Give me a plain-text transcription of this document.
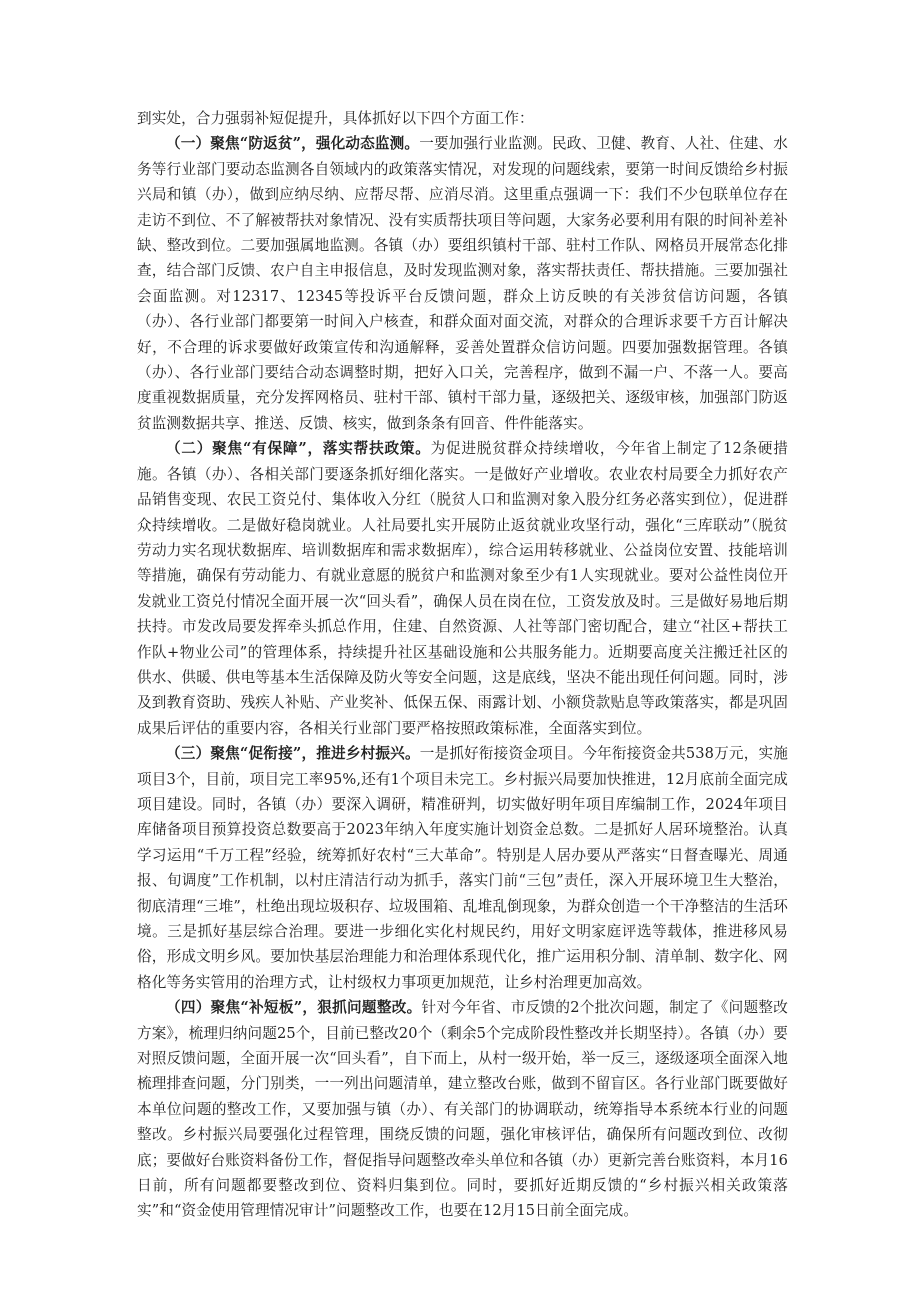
到实处，合力强弱补短促提升，具体抓好以下四个方面工作：

（一）聚焦“防返贫”，强化动态监测。一要加强行业监测。民政、卫健、教育、人社、住建、水务等行业部门要动态监测各自领域内的政策落实情况，对发现的问题线索，要第一时间反馈给乡村振兴局和镇（办），做到应纳尽纳、应帮尽帮、应消尽消。这里重点强调一下：我们不少包联单位存在走访不到位、不了解被帮扶对象情况、没有实质帮扶项目等问题，大家务必要利用有限的时间补差补缺、整改到位。二要加强属地监测。各镇（办）要组织镇村干部、驻村工作队、网格员开展常态化排查，结合部门反馈、农户自主申报信息，及时发现监测对象，落实帮扶责任、帮扶措施。三要加强社会面监测。对12317、12345等投诉平台反馈问题，群众上访反映的有关涉贫信访问题，各镇（办）、各行业部门都要第一时间入户核查，和群众面对面交流，对群众的合理诉求要千方百计解决好，不合理的诉求要做好政策宣传和沟通解释，妥善处置群众信访问题。四要加强数据管理。各镇（办）、各行业部门要结合动态调整时期，把好入口关，完善程序，做到不漏一户、不落一人。要高度重视数据质量，充分发挥网格员、驻村干部、镇村干部力量，逐级把关、逐级审核，加强部门防返贫监测数据共享、推送、反馈、核实，做到条条有回音、件件能落实。

（二）聚焦“有保障”，落实帮扶政策。为促进脱贫群众持续增收，今年省上制定了12条硬措施。各镇（办）、各相关部门要逐条抓好细化落实。一是做好产业增收。农业农村局要全力抓好农产品销售变现、农民工资兑付、集体收入分红（脱贫人口和监测对象入股分红务必落实到位），促进群众持续增收。二是做好稳岗就业。人社局要扎实开展防止返贫就业攻坚行动，强化“三库联动”（脱贫劳动力实名现状数据库、培训数据库和需求数据库），综合运用转移就业、公益岗位安置、技能培训等措施，确保有劳动能力、有就业意愿的脱贫户和监测对象至少有1人实现就业。要对公益性岗位开发就业工资兑付情况全面开展一次“回头看”，确保人员在岗在位，工资发放及时。三是做好易地后期扶持。市发改局要发挥牵头抓总作用，住建、自然资源、人社等部门密切配合，建立“社区+帮扶工作队+物业公司”的管理体系，持续提升社区基础设施和公共服务能力。近期要高度关注搬迁社区的供水、供暖、供电等基本生活保障及防火等安全问题，这是底线，坚决不能出现任何问题。同时，涉及到教育资助、残疾人补贴、产业奖补、低保五保、雨露计划、小额贷款贴息等政策落实，都是巩固成果后评估的重要内容，各相关行业部门要严格按照政策标准，全面落实到位。

（三）聚焦“促衔接”，推进乡村振兴。一是抓好衔接资金项目。今年衔接资金共538万元，实施项目3个，目前，项目完工率95%,还有1个项目未完工。乡村振兴局要加快推进，12月底前全面完成项目建设。同时，各镇（办）要深入调研，精准研判，切实做好明年项目库编制工作，2024年项目库储备项目预算投资总数要高于2023年纳入年度实施计划资金总数。二是抓好人居环境整治。认真学习运用“千万工程”经验，统筹抓好农村“三大革命”。特别是人居办要从严落实“日督查曝光、周通报、旬调度”工作机制，以村庄清洁行动为抓手，落实门前“三包”责任，深入开展环境卫生大整治，彻底清理“三堆”，杜绝出现垃圾积存、垃圾围箱、乱堆乱倒现象，为群众创造一个干净整洁的生活环境。三是抓好基层综合治理。要进一步细化实化村规民约，用好文明家庭评选等载体，推进移风易俗，形成文明乡风。要加快基层治理能力和治理体系现代化，推广运用积分制、清单制、数字化、网格化等务实管用的治理方式，让村级权力事项更加规范，让乡村治理更加高效。

（四）聚焦“补短板”，狠抓问题整改。针对今年省、市反馈的2个批次问题，制定了《问题整改方案》，梳理归纳问题25个，目前已整改20个（剩余5个完成阶段性整改并长期坚持）。各镇（办）要对照反馈问题，全面开展一次“回头看”，自下而上，从村一级开始，举一反三，逐级逐项全面深入地梳理排查问题，分门别类，一一列出问题清单，建立整改台账，做到不留盲区。各行业部门既要做好本单位问题的整改工作，又要加强与镇（办）、有关部门的协调联动，统筹指导本系统本行业的问题整改。乡村振兴局要强化过程管理，围绕反馈的问题，强化审核评估，确保所有问题改到位、改彻底；要做好台账资料备份工作，督促指导问题整改牵头单位和各镇（办）更新完善台账资料，本月16日前，所有问题都要整改到位、资料归集到位。同时，要抓好近期反馈的“乡村振兴相关政策落实”和“资金使用管理情况审计”问题整改工作，也要在12月15日前全面完成。
